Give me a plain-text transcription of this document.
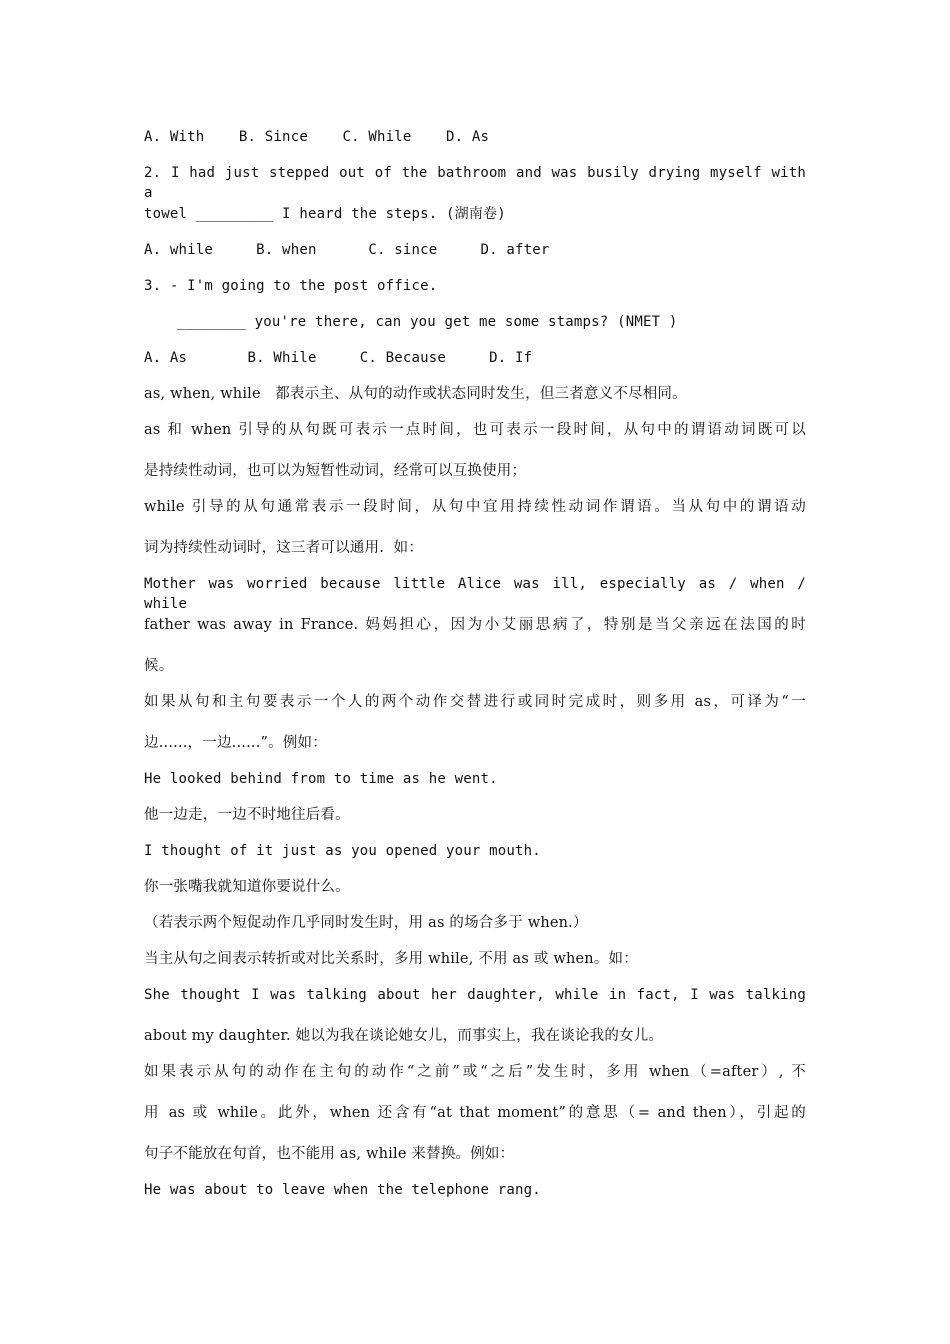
A. With    B. Since    C. While    D. As
2. I had just stepped out of the bathroom and was busily drying myself with a
towel _________ I heard the steps. (湖南卷)
A. while     B. when      C. since     D. after
3. - I'm going to the post office.
________ you're there, can you get me some stamps? (NMET )
A. As       B. While     C. Because     D. If
as, when, while   都表示主、从句的动作或状态同时发生，但三者意义不尽相同。
as 和 when 引导的从句既可表示一点时间，也可表示一段时间，从句中的谓语动词既可以
是持续性动词，也可以为短暂性动词，经常可以互换使用；
while 引导的从句通常表示一段时间，从句中宜用持续性动词作谓语。当从句中的谓语动
词为持续性动词时，这三者可以通用.  如：
Mother was worried because little Alice was ill, especially as / when / while
father was away in France. 妈妈担心，因为小艾丽思病了，特别是当父亲远在法国的时
候。
如果从句和主句要表示一个人的两个动作交替进行或同时完成时，则多用 as，可译为“一
边......，一边......”。例如：
He looked behind from to time as he went.
他一边走，一边不时地往后看。
I thought of it just as you opened your mouth.
你一张嘴我就知道你要说什么。
（若表示两个短促动作几乎同时发生时，用 as 的场合多于 when.）
当主从句之间表示转折或对比关系时，多用 while, 不用 as 或 when。如：
She thought I was talking about her daughter, while in fact, I was talking
about my daughter. 她以为我在谈论她女儿，而事实上，我在谈论我的女儿。
如果表示从句的动作在主句的动作“之前”或“之后”发生时，多用 when（=after）, 不
用 as 或 while。此外，when 还含有“at that moment”的意思（= and then），引起的
句子不能放在句首，也不能用 as, while 来替换。例如：
He was about to leave when the telephone rang.
